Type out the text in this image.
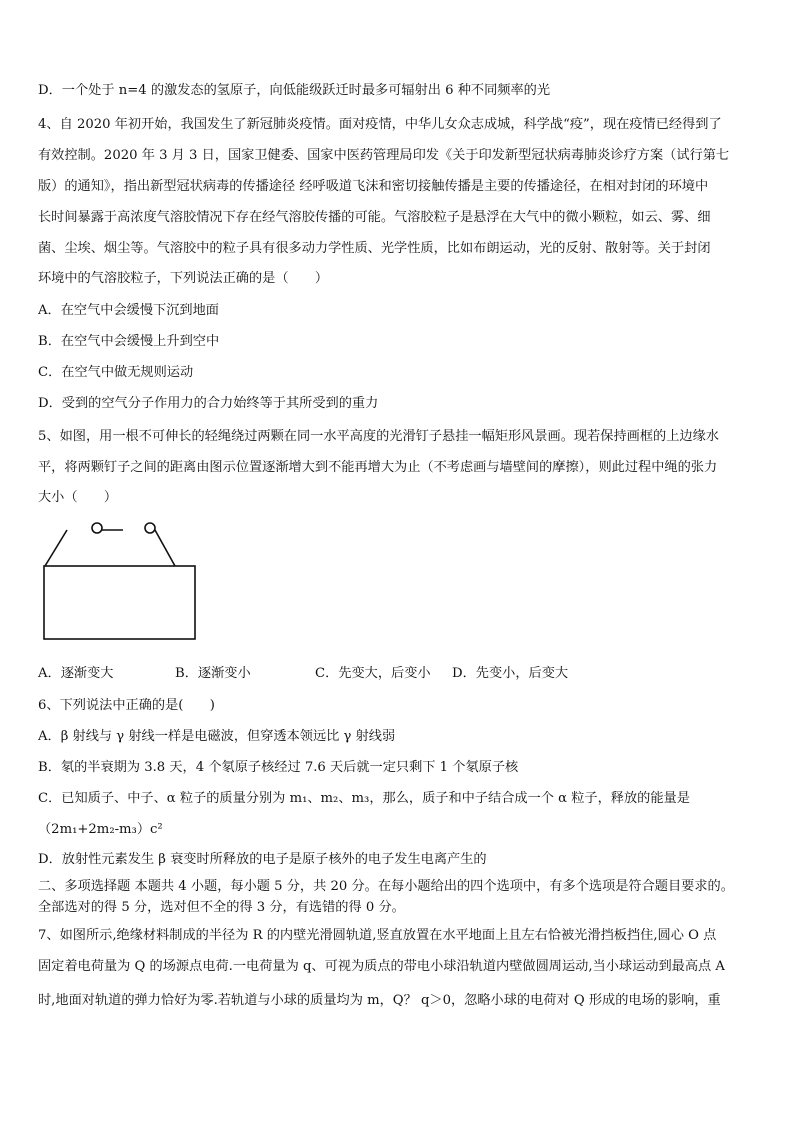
D．一个处于 n=4 的激发态的氢原子，向低能级跃迁时最多可辐射出 6 种不同频率的光
4、自 2020 年初开始，我国发生了新冠肺炎疫情。面对疫情，中华儿女众志成城，科学战“疫”，现在疫情已经得到了
有效控制。2020 年 3 月 3 日，国家卫健委、国家中医药管理局印发《关于印发新型冠状病毒肺炎诊疗方案（试行第七
版）的通知》，指出新型冠状病毒的传播途径 经呼吸道飞沫和密切接触传播是主要的传播途径，在相对封闭的环境中
长时间暴露于高浓度气溶胶情况下存在经气溶胶传播的可能。气溶胶粒子是悬浮在大气中的微小颗粒，如云、雾、细
菌、尘埃、烟尘等。气溶胶中的粒子具有很多动力学性质、光学性质，比如布朗运动，光的反射、散射等。关于封闭
环境中的气溶胶粒子，下列说法正确的是（　　）
A．在空气中会缓慢下沉到地面
B．在空气中会缓慢上升到空中
C．在空气中做无规则运动
D．受到的空气分子作用力的合力始终等于其所受到的重力
5、如图，用一根不可伸长的轻绳绕过两颗在同一水平高度的光滑钉子悬挂一幅矩形风景画。现若保持画框的上边缘水
平，将两颗钉子之间的距离由图示位置逐渐增大到不能再增大为止（不考虑画与墙壁间的摩擦），则此过程中绳的张力
大小（　　）
A．逐渐变大	B．逐渐变小	C．先变大，后变小 D．先变小，后变大
6、下列说法中正确的是(　　)
A．β 射线与 γ 射线一样是电磁波，但穿透本领远比 γ 射线弱
B．氡的半衰期为 3.8 天，4 个氡原子核经过 7.6 天后就一定只剩下 1 个氡原子核
C．已知质子、中子、α 粒子的质量分别为 m₁、m₂、m₃，那么，质子和中子结合成一个 α 粒子，释放的能量是
（2m₁+2m₂-m₃）c²
D．放射性元素发生 β 衰变时所释放的电子是原子核外的电子发生电离产生的
二、多项选择题 本题共 4 小题，每小题 5 分，共 20 分。在每小题给出的四个选项中，有多个选项是符合题目要求的。
全部选对的得 5 分，选对但不全的得 3 分，有选错的得 0 分。
7、如图所示,绝缘材料制成的半径为 R 的内壁光滑圆轨道,竖直放置在水平地面上且左右恰被光滑挡板挡住,圆心 O 点
固定着电荷量为 Q 的场源点电荷.一电荷量为 q、可视为质点的带电小球沿轨道内壁做圆周运动,当小球运动到最高点 A
时,地面对轨道的弹力恰好为零.若轨道与小球的质量均为 m，Q？ q＞0，忽略小球的电荷对 Q 形成的电场的影响，重
